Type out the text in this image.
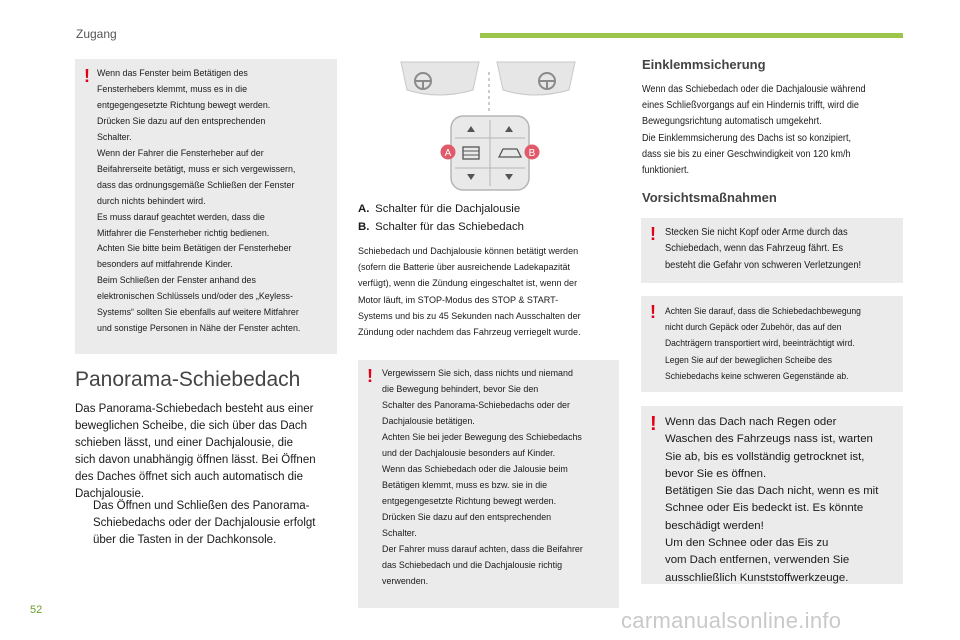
Zugang
! Wenn das Fenster beim Betätigen des
Fensterhebers klemmt, muss es in die
entgegengesetzte Richtung bewegt werden.
Drücken Sie dazu auf den entsprechenden
Schalter.
Wenn der Fahrer die Fensterheber auf der
Beifahrerseite betätigt, muss er sich vergewissern,
dass das ordnungsgemäße Schließen der Fenster
durch nichts behindert wird.
Es muss darauf geachtet werden, dass die
Mitfahrer die Fensterheber richtig bedienen.
Achten Sie bitte beim Betätigen der Fensterheber
besonders auf mitfahrende Kinder.
Beim Schließen der Fenster anhand des
elektronischen Schlüssels und/oder des „Keyless-
Systems“ sollten Sie ebenfalls auf weitere Mitfahrer
und sonstige Personen in Nähe der Fenster achten.
Panorama-Schiebedach
Das Panorama-Schiebedach besteht aus einer
beweglichen Scheibe, die sich über das Dach
schieben lässt, und einer Dachjalousie, die
sich davon unabhängig öffnen lässt. Bei Öffnen
des Daches öffnet sich auch automatisch die
Dachjalousie.
Das Öffnen und Schließen des Panorama-
Schiebedachs oder der Dachjalousie erfolgt
über die Tasten in der Dachkonsole.
A	B
A. Schalter für die Dachjalousie
B. Schalter für das Schiebedach
Schiebedach und Dachjalousie können betätigt werden
(sofern die Batterie über ausreichende Ladekapazität
verfügt), wenn die Zündung eingeschaltet ist, wenn der
Motor läuft, im STOP-Modus des STOP & START-
Systems und bis zu 45 Sekunden nach Ausschalten der
Zündung oder nachdem das Fahrzeug verriegelt wurde.
! Vergewissern Sie sich, dass nichts und niemand
die Bewegung behindert, bevor Sie den
Schalter des Panorama-Schiebedachs oder der
Dachjalousie betätigen.
Achten Sie bei jeder Bewegung des Schiebedachs
und der Dachjalousie besonders auf Kinder.
Wenn das Schiebedach oder die Jalousie beim
Betätigen klemmt, muss es bzw. sie in die
entgegengesetzte Richtung bewegt werden.
Drücken Sie dazu auf den entsprechenden
Schalter.
Der Fahrer muss darauf achten, dass die Beifahrer
das Schiebedach und die Dachjalousie richtig
verwenden.
Einklemmsicherung
Wenn das Schiebedach oder die Dachjalousie während
eines Schließvorgangs auf ein Hindernis trifft, wird die
Bewegungsrichtung automatisch umgekehrt.
Die Einklemmsicherung des Dachs ist so konzipiert,
dass sie bis zu einer Geschwindigkeit von 120 km/h
funktioniert.
Vorsichtsmaßnahmen
! Stecken Sie nicht Kopf oder Arme durch das
Schiebedach, wenn das Fahrzeug fährt. Es
besteht die Gefahr von schweren Verletzungen!
! Achten Sie darauf, dass die Schiebedachbewegung
nicht durch Gepäck oder Zubehör, das auf den
Dachträgern transportiert wird, beeinträchtigt wird.
Legen Sie auf der beweglichen Scheibe des
Schiebedachs keine schweren Gegenstände ab.
! Wenn das Dach nach Regen oder
Waschen des Fahrzeugs nass ist, warten
Sie ab, bis es vollständig getrocknet ist,
bevor Sie es öffnen.
Betätigen Sie das Dach nicht, wenn es mit
Schnee oder Eis bedeckt ist. Es könnte
beschädigt werden!
Um den Schnee oder das Eis zu
vom Dach entfernen, verwenden Sie
ausschließlich Kunststoffwerkzeuge.
52	carmanualsonline.info
